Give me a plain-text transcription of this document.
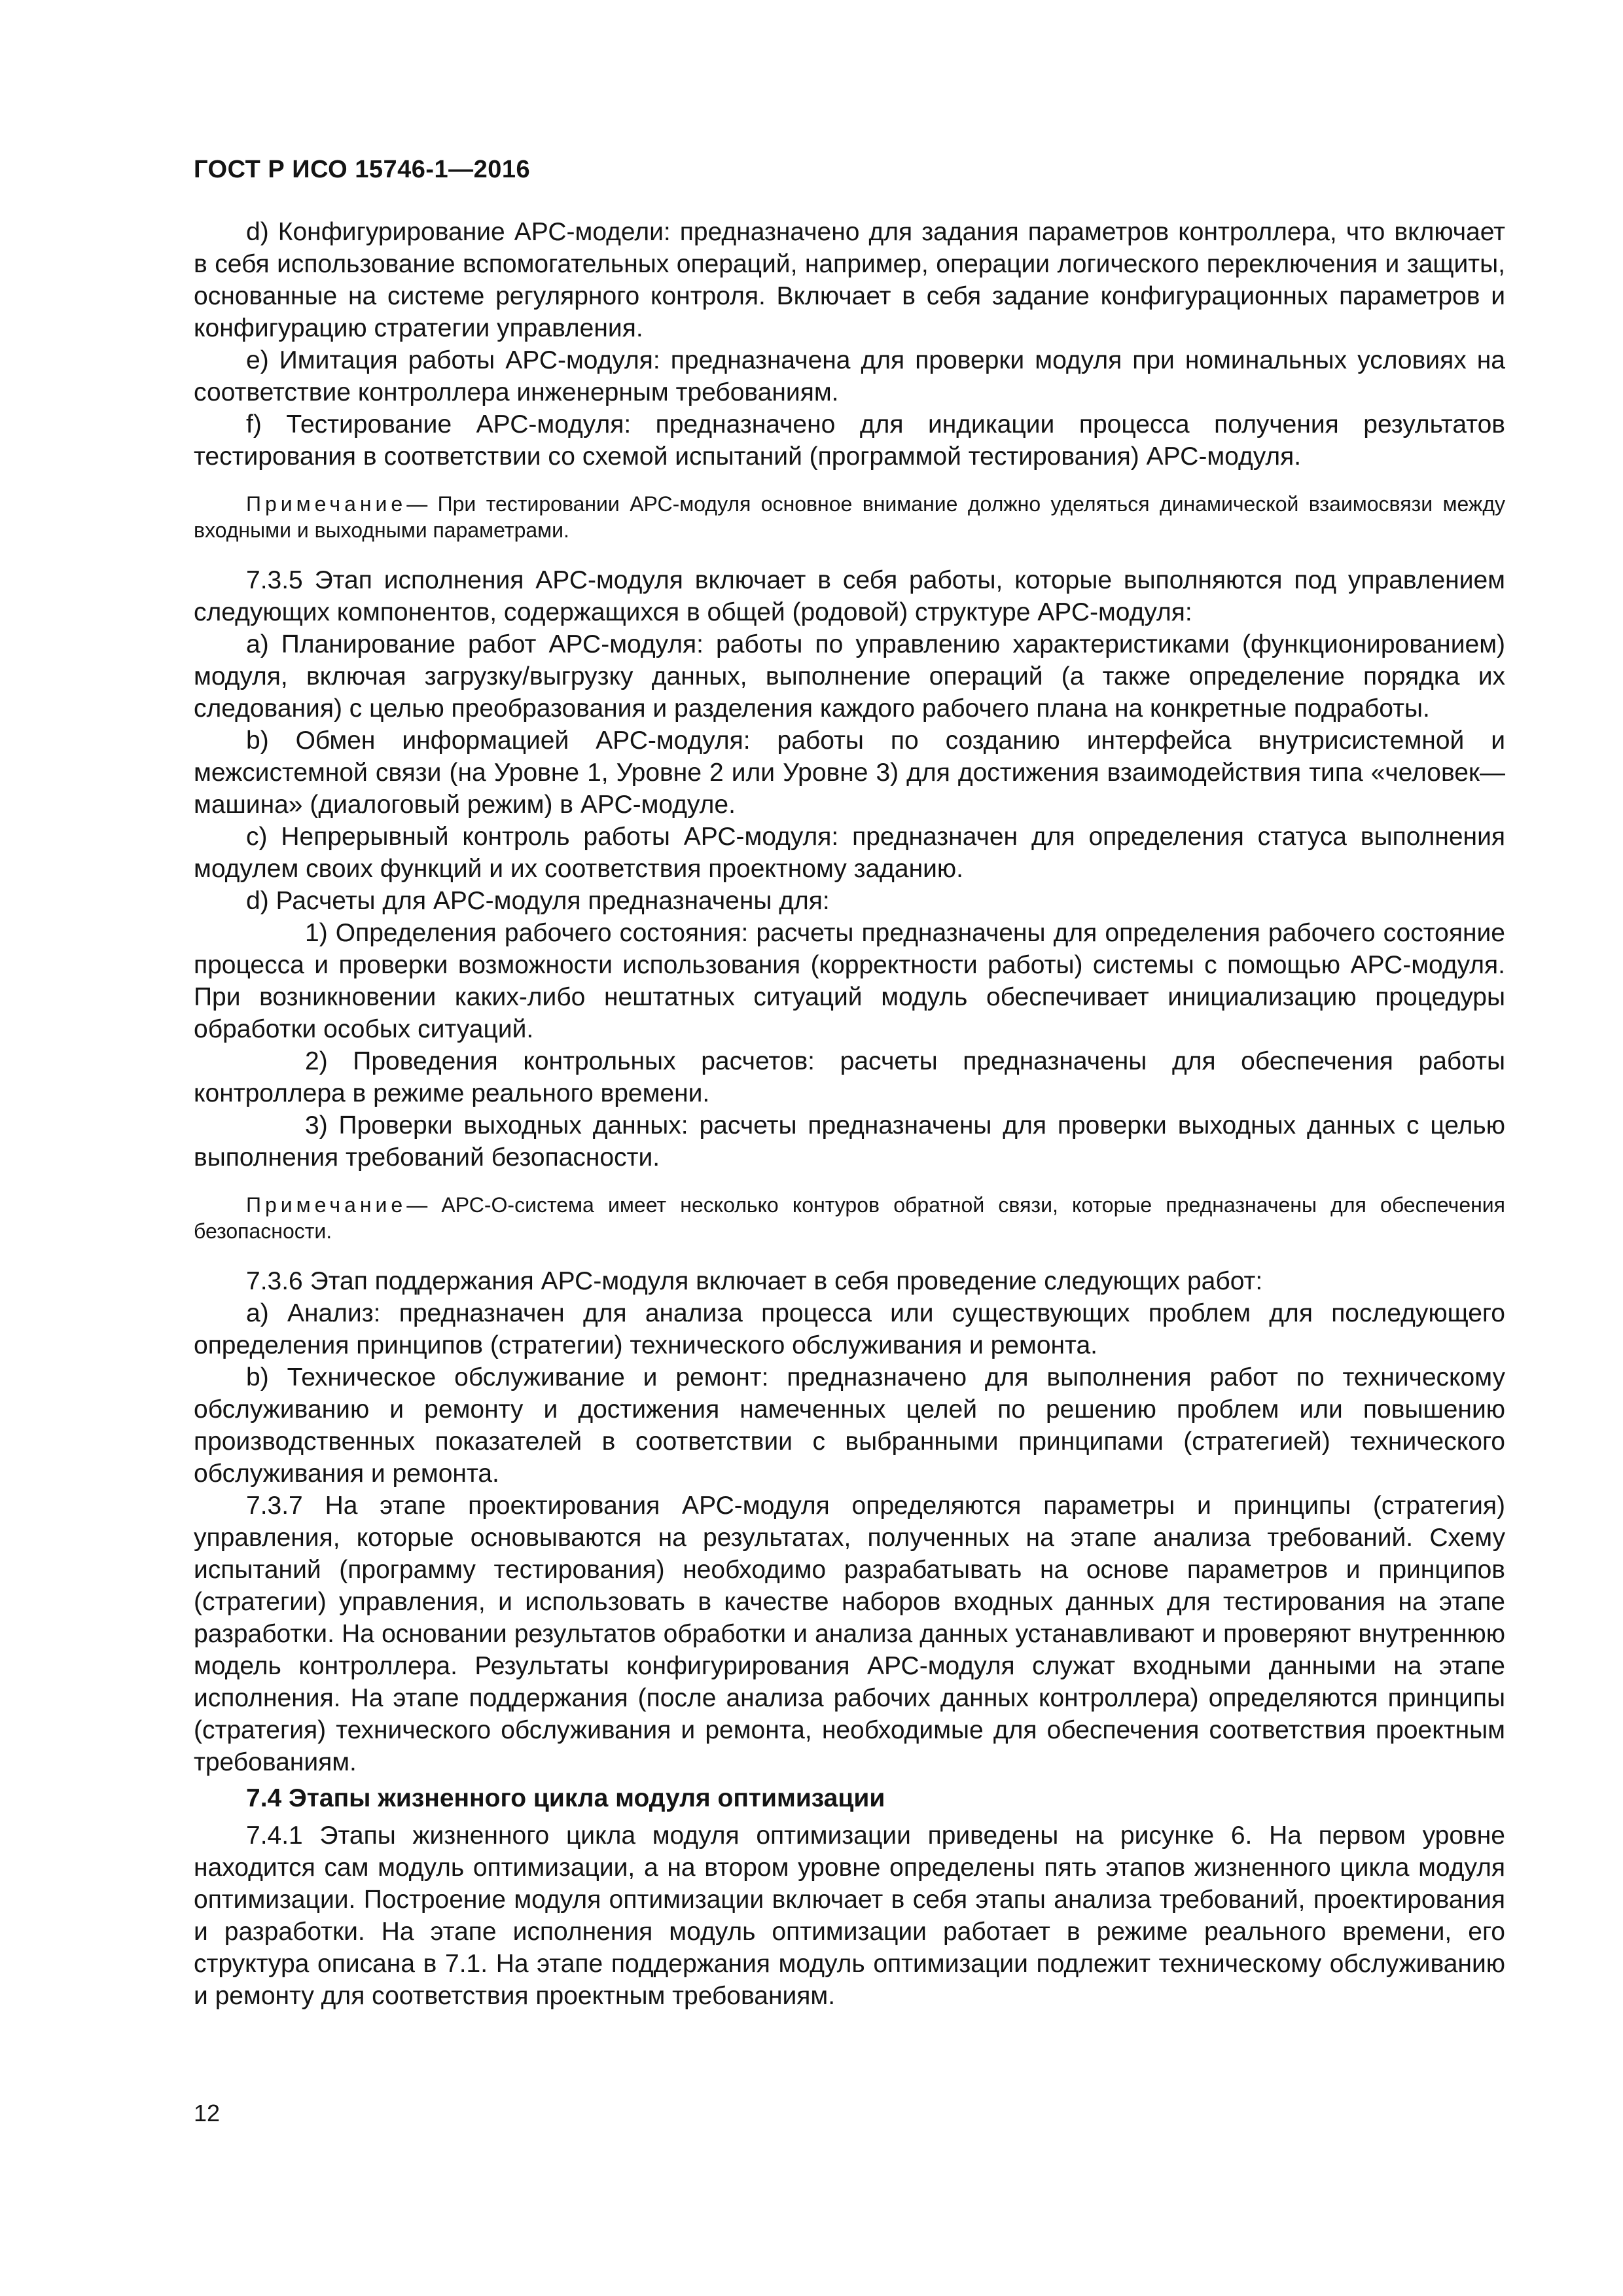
ГОСТ Р ИСО 15746-1—2016

d) Конфигурирование АРС-модели: предназначено для задания параметров контроллера, что включает в себя использование вспомогательных операций, например, операции логического переключения и защиты, основанные на системе регулярного контроля. Включает в себя задание конфигурационных параметров и конфигурацию стратегии управления.

e) Имитация работы АРС-модуля: предназначена для проверки модуля при номинальных условиях на соответствие контроллера инженерным требованиям.

f) Тестирование АРС-модуля: предназначено для индикации процесса получения результатов тестирования в соответствии со схемой испытаний (программой тестирования) АРС-модуля.

Примечание— При тестировании АРС-модуля основное внимание должно уделяться динамической взаимосвязи между входными и выходными параметрами.

7.3.5 Этап исполнения АРС-модуля включает в себя работы, которые выполняются под управлением следующих компонентов, содержащихся в общей (родовой) структуре АРС-модуля:

a) Планирование работ АРС-модуля: работы по управлению характеристиками (функционированием) модуля, включая загрузку/выгрузку данных, выполнение операций (а также определение порядка их следования) с целью преобразования и разделения каждого рабочего плана на конкретные подработы.

b) Обмен информацией АРС-модуля: работы по созданию интерфейса внутрисистемной и межсистемной связи (на Уровне 1, Уровне 2 или Уровне 3) для достижения взаимодействия типа «человек—машина» (диалоговый режим) в АРС-модуле.

c) Непрерывный контроль работы АРС-модуля: предназначен для определения статуса выполнения модулем своих функций и их соответствия проектному заданию.

d) Расчеты для АРС-модуля предназначены для:

1) Определения рабочего состояния: расчеты предназначены для определения рабочего состояние процесса и проверки возможности использования (корректности работы) системы с помощью АРС-модуля. При возникновении каких-либо нештатных ситуаций модуль обеспечивает инициализацию процедуры обработки особых ситуаций.

2) Проведения контрольных расчетов: расчеты предназначены для обеспечения работы контроллера в режиме реального времени.

3) Проверки выходных данных: расчеты предназначены для проверки выходных данных с целью выполнения требований безопасности.

Примечание— АРС-О-система имеет несколько контуров обратной связи, которые предназначены для обеспечения безопасности.

7.3.6 Этап поддержания АРС-модуля включает в себя проведение следующих работ:

a) Анализ: предназначен для анализа процесса или существующих проблем для последующего определения принципов (стратегии) технического обслуживания и ремонта.

b) Техническое обслуживание и ремонт: предназначено для выполнения работ по техническому обслуживанию и ремонту и достижения намеченных целей по решению проблем или повышению производственных показателей в соответствии с выбранными принципами (стратегией) технического обслуживания и ремонта.

7.3.7 На этапе проектирования АРС-модуля определяются параметры и принципы (стратегия) управления, которые основываются на результатах, полученных на этапе анализа требований. Схему испытаний (программу тестирования) необходимо разрабатывать на основе параметров и принципов (стратегии) управления, и использовать в качестве наборов входных данных для тестирования на этапе разработки. На основании результатов обработки и анализа данных устанавливают и проверяют внутреннюю модель контроллера. Результаты конфигурирования АРС-модуля служат входными данными на этапе исполнения. На этапе поддержания (после анализа рабочих данных контроллера) определяются принципы (стратегия) технического обслуживания и ремонта, необходимые для обеспечения соответствия проектным требованиям.

7.4 Этапы жизненного цикла модуля оптимизации

7.4.1 Этапы жизненного цикла модуля оптимизации приведены на рисунке 6. На первом уровне находится сам модуль оптимизации, а на втором уровне определены пять этапов жизненного цикла модуля оптимизации. Построение модуля оптимизации включает в себя этапы анализа требований, проектирования и разработки. На этапе исполнения модуль оптимизации работает в режиме реального времени, его структура описана в 7.1. На этапе поддержания модуль оптимизации подлежит техническому обслуживанию и ремонту для соответствия проектным требованиям.

12
